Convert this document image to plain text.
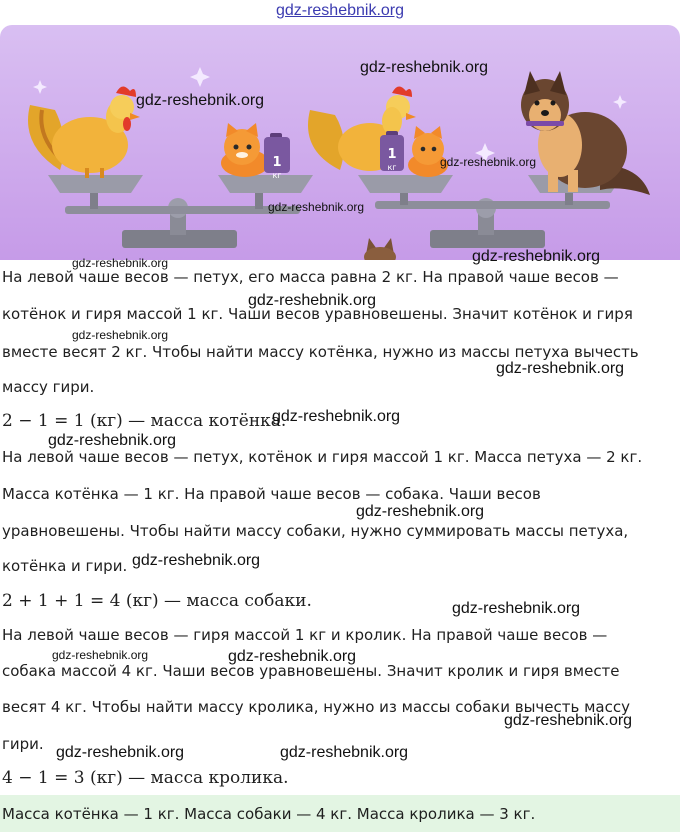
gdz-reshebnik.org
1
кг
1
кг
gdz-reshebnik.org
gdz-reshebnik.org
gdz-reshebnik.org
gdz-reshebnik.org

На левой чаше весов — петух, его масса равна 2 кг. На правой чаше весов —

котёнок и гиря массой 1 кг. Чаши весов уравновешены. Значит котёнок и гиря

вместе весят 2 кг. Чтобы найти массу котёнка, нужно из массы петуха вычесть

массу гири.

2 − 1 = 1 (кг) — масса котёнка.

На левой чаше весов — петух, котёнок и гиря массой 1 кг. Масса петуха — 2 кг.

Масса котёнка — 1 кг. На правой чаше весов — собака. Чаши весов

уравновешены. Чтобы найти массу собаки, нужно суммировать массы петуха,

котёнка и гири.

2 + 1 + 1 = 4 (кг) — масса собаки.

На левой чаше весов — гиря массой 1 кг и кролик. На правой чаше весов —

собака массой 4 кг. Чаши весов уравновешены. Значит кролик и гиря вместе

весят 4 кг. Чтобы найти массу кролика, нужно из массы собаки вычесть массу

гири.

4 − 1 = 3 (кг) — масса кролика.

Масса котёнка — 1 кг. Масса собаки — 4 кг. Масса кролика — 3 кг.

gdz-reshebnik.org	gdz-reshebnik.org
gdz-reshebnik.org
gdz-reshebnik.org
gdz-reshebnik.org
gdz-reshebnik.org
gdz-reshebnik.org
gdz-reshebnik.org
gdz-reshebnik.org
gdz-reshebnik.org
gdz-reshebnik.org	gdz-reshebnik.org
gdz-reshebnik.org
gdz-reshebnik.org	gdz-reshebnik.org
